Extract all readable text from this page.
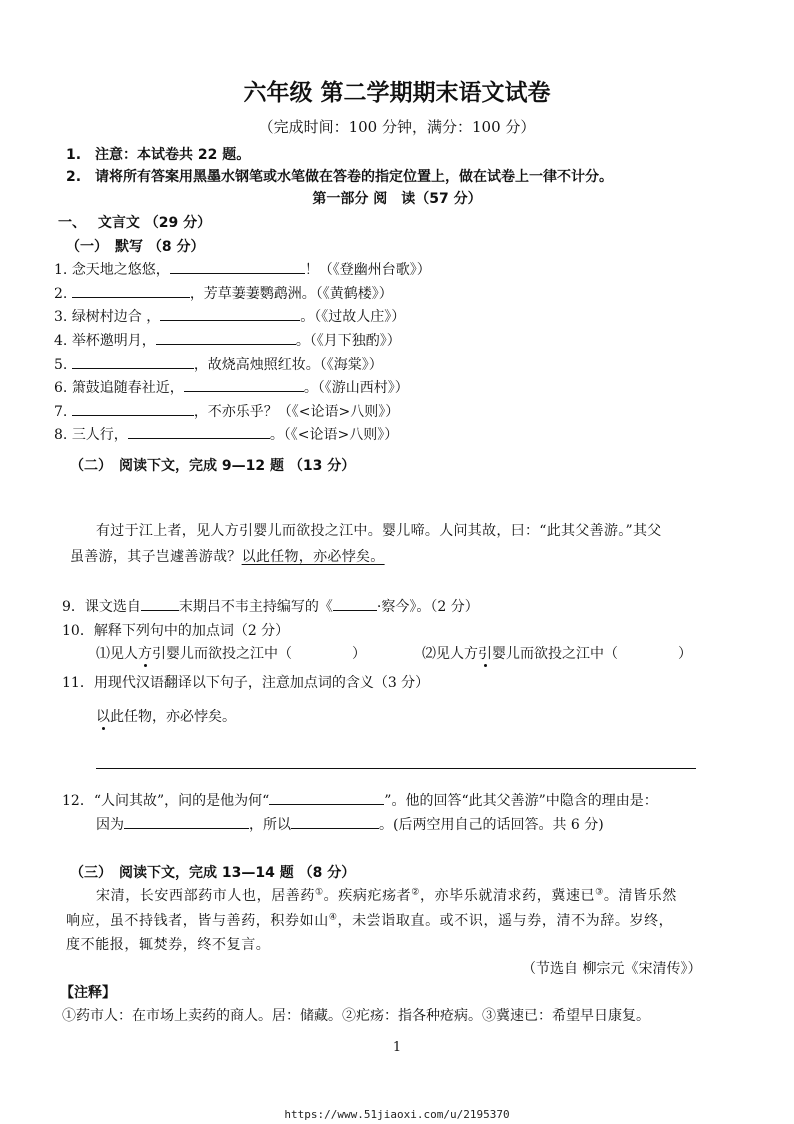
六年级 第二学期期末语文试卷
（完成时间：100 分钟，满分：100 分）
1.　注意：本试卷共 22 题。
2.　请将所有答案用黑墨水钢笔或水笔做在答卷的指定位置上，做在试卷上一律不计分。
第一部分 阅　读（57 分）
一、　 文言文 （29 分）
（一）　默写 （8 分）
1. 念天地之悠悠，	！（《登幽州台歌》）
2.	，芳草萋萋鹦鹉洲。（《黄鹤楼》）
3. 绿树村边合 ，	。（《过故人庄》）
4. 举杯邀明月，	。（《月下独酌》）
5.	，故烧高烛照红妆。（《海棠》）
6. 箫鼓追随春社近，	。（《游山西村》）
7.	，不亦乐乎？（《<论语>八则》）
8. 三人行，	。（《<论语>八则》）
（二）　阅读下文，完成 9—12 题 （13 分）
有过于江上者，见人方引婴儿而欲投之江中。婴儿啼。人问其故，曰：“此其父善游。”其父
虽善游，其子岂遽善游哉？以此任物，亦必悖矣。
9．课文选自	末期吕不韦主持编写的《	·察今》。（2 分）
10．解释下列句中的加点词（2 分）
⑴见人方引婴儿而欲投之江中（	）	⑵见人方引婴儿而欲投之江中（	）
11．用现代汉语翻译以下句子，注意加点词的含义（3 分）
以此任物，亦必悖矣。
12．“人问其故”，问的是他为何“	”。他的回答“此其父善游”中隐含的理由是：
因为	，所以	。(后两空用自己的话回答。共 6 分)
（三）　阅读下文，完成 13—14 题 （8 分）
宋清，长安西部药市人也，居善药①。疾病疕疡者②，亦毕乐就清求药，冀速已③。清皆乐然
响应，虽不持钱者，皆与善药，积券如山④，未尝诣取直。或不识，遥与券，清不为辞。岁终，
度不能报，辄焚券，终不复言。
（节选自 柳宗元《宋清传》）
【注释】
①药市人：在市场上卖药的商人。居：储藏。②疕疡：指各种疮病。③冀速已：希望早日康复。
1
https://www.51jiaoxi.com/u/2195370
